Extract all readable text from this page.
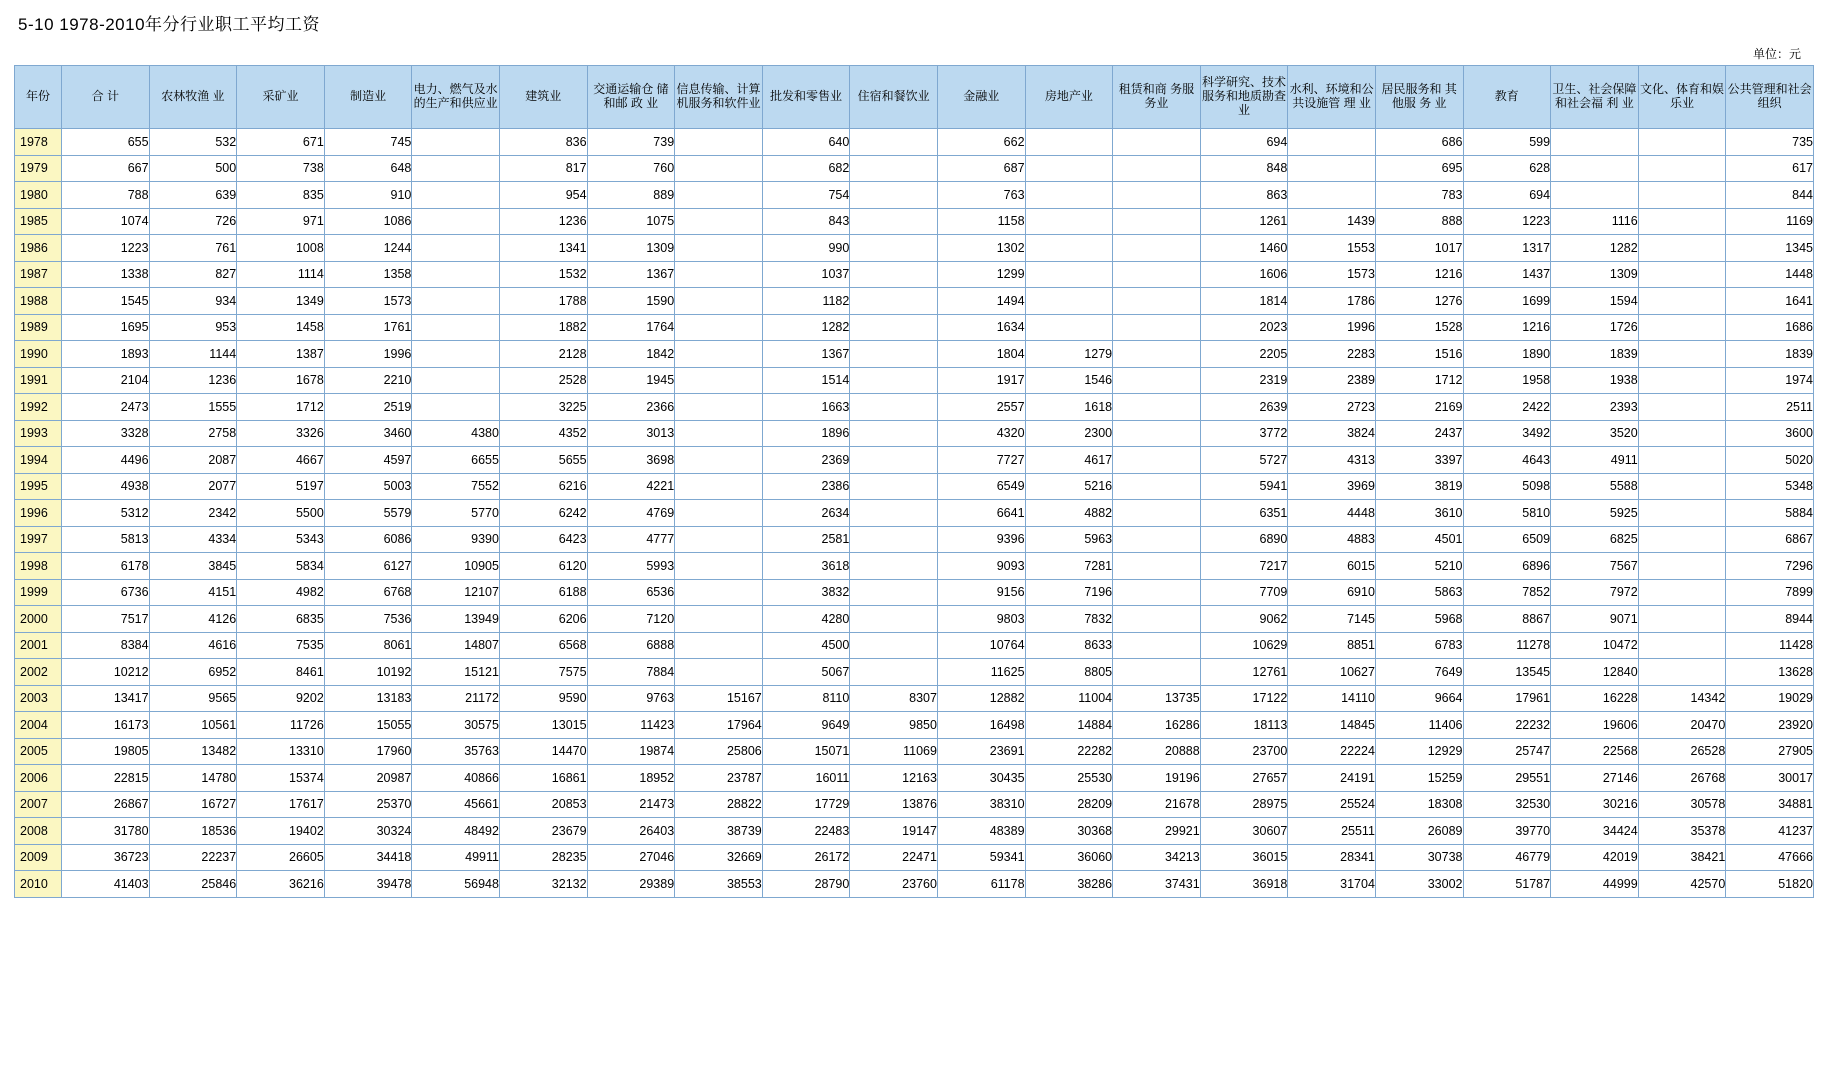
5-10 1978-2010年分行业职工平均工资
单位：元
年份	合 计	农林牧渔 业	采矿业	制造业	电力、燃气及水的生产和供应业	建筑业	交通运输仓 储 和邮 政 业	信息传输、计算机服务和软件业	批发和零售业	住宿和餐饮业	金融业	房地产业	租赁和商 务服务业	科学研究、技术服务和地质勘查业	水利、环境和公共设施管 理 业	居民服务和 其 他服 务 业	教育	卫生、社会保障和社会福 利 业	文化、体育和娱乐业	公共管理和社会组织

1978	655	532	671	745		836	739		640		662			694		686	599			735
1979	667	500	738	648		817	760		682		687			848		695	628			617
1980	788	639	835	910		954	889		754		763			863		783	694			844
1985	1074	726	971	1086		1236	1075		843		1158			1261	1439	888	1223	1116		1169
1986	1223	761	1008	1244		1341	1309		990		1302			1460	1553	1017	1317	1282		1345
1987	1338	827	1114	1358		1532	1367		1037		1299			1606	1573	1216	1437	1309		1448
1988	1545	934	1349	1573		1788	1590		1182		1494			1814	1786	1276	1699	1594		1641
1989	1695	953	1458	1761		1882	1764		1282		1634			2023	1996	1528	1216	1726		1686
1990	1893	1144	1387	1996		2128	1842		1367		1804	1279		2205	2283	1516	1890	1839		1839
1991	2104	1236	1678	2210		2528	1945		1514		1917	1546		2319	2389	1712	1958	1938		1974
1992	2473	1555	1712	2519		3225	2366		1663		2557	1618		2639	2723	2169	2422	2393		2511
1993	3328	2758	3326	3460	4380	4352	3013		1896		4320	2300		3772	3824	2437	3492	3520		3600
1994	4496	2087	4667	4597	6655	5655	3698		2369		7727	4617		5727	4313	3397	4643	4911		5020
1995	4938	2077	5197	5003	7552	6216	4221		2386		6549	5216		5941	3969	3819	5098	5588		5348
1996	5312	2342	5500	5579	5770	6242	4769		2634		6641	4882		6351	4448	3610	5810	5925		5884
1997	5813	4334	5343	6086	9390	6423	4777		2581		9396	5963		6890	4883	4501	6509	6825		6867
1998	6178	3845	5834	6127	10905	6120	5993		3618		9093	7281		7217	6015	5210	6896	7567		7296
1999	6736	4151	4982	6768	12107	6188	6536		3832		9156	7196		7709	6910	5863	7852	7972		7899
2000	7517	4126	6835	7536	13949	6206	7120		4280		9803	7832		9062	7145	5968	8867	9071		8944
2001	8384	4616	7535	8061	14807	6568	6888		4500		10764	8633		10629	8851	6783	11278	10472		11428
2002	10212	6952	8461	10192	15121	7575	7884		5067		11625	8805		12761	10627	7649	13545	12840		13628
2003	13417	9565	9202	13183	21172	9590	9763	15167	8110	8307	12882	11004	13735	17122	14110	9664	17961	16228	14342	19029
2004	16173	10561	11726	15055	30575	13015	11423	17964	9649	9850	16498	14884	16286	18113	14845	11406	22232	19606	20470	23920
2005	19805	13482	13310	17960	35763	14470	19874	25806	15071	11069	23691	22282	20888	23700	22224	12929	25747	22568	26528	27905
2006	22815	14780	15374	20987	40866	16861	18952	23787	16011	12163	30435	25530	19196	27657	24191	15259	29551	27146	26768	30017
2007	26867	16727	17617	25370	45661	20853	21473	28822	17729	13876	38310	28209	21678	28975	25524	18308	32530	30216	30578	34881
2008	31780	18536	19402	30324	48492	23679	26403	38739	22483	19147	48389	30368	29921	30607	25511	26089	39770	34424	35378	41237
2009	36723	22237	26605	34418	49911	28235	27046	32669	26172	22471	59341	36060	34213	36015	28341	30738	46779	42019	38421	47666
2010	41403	25846	36216	39478	56948	32132	29389	38553	28790	23760	61178	38286	37431	36918	31704	33002	51787	44999	42570	51820
